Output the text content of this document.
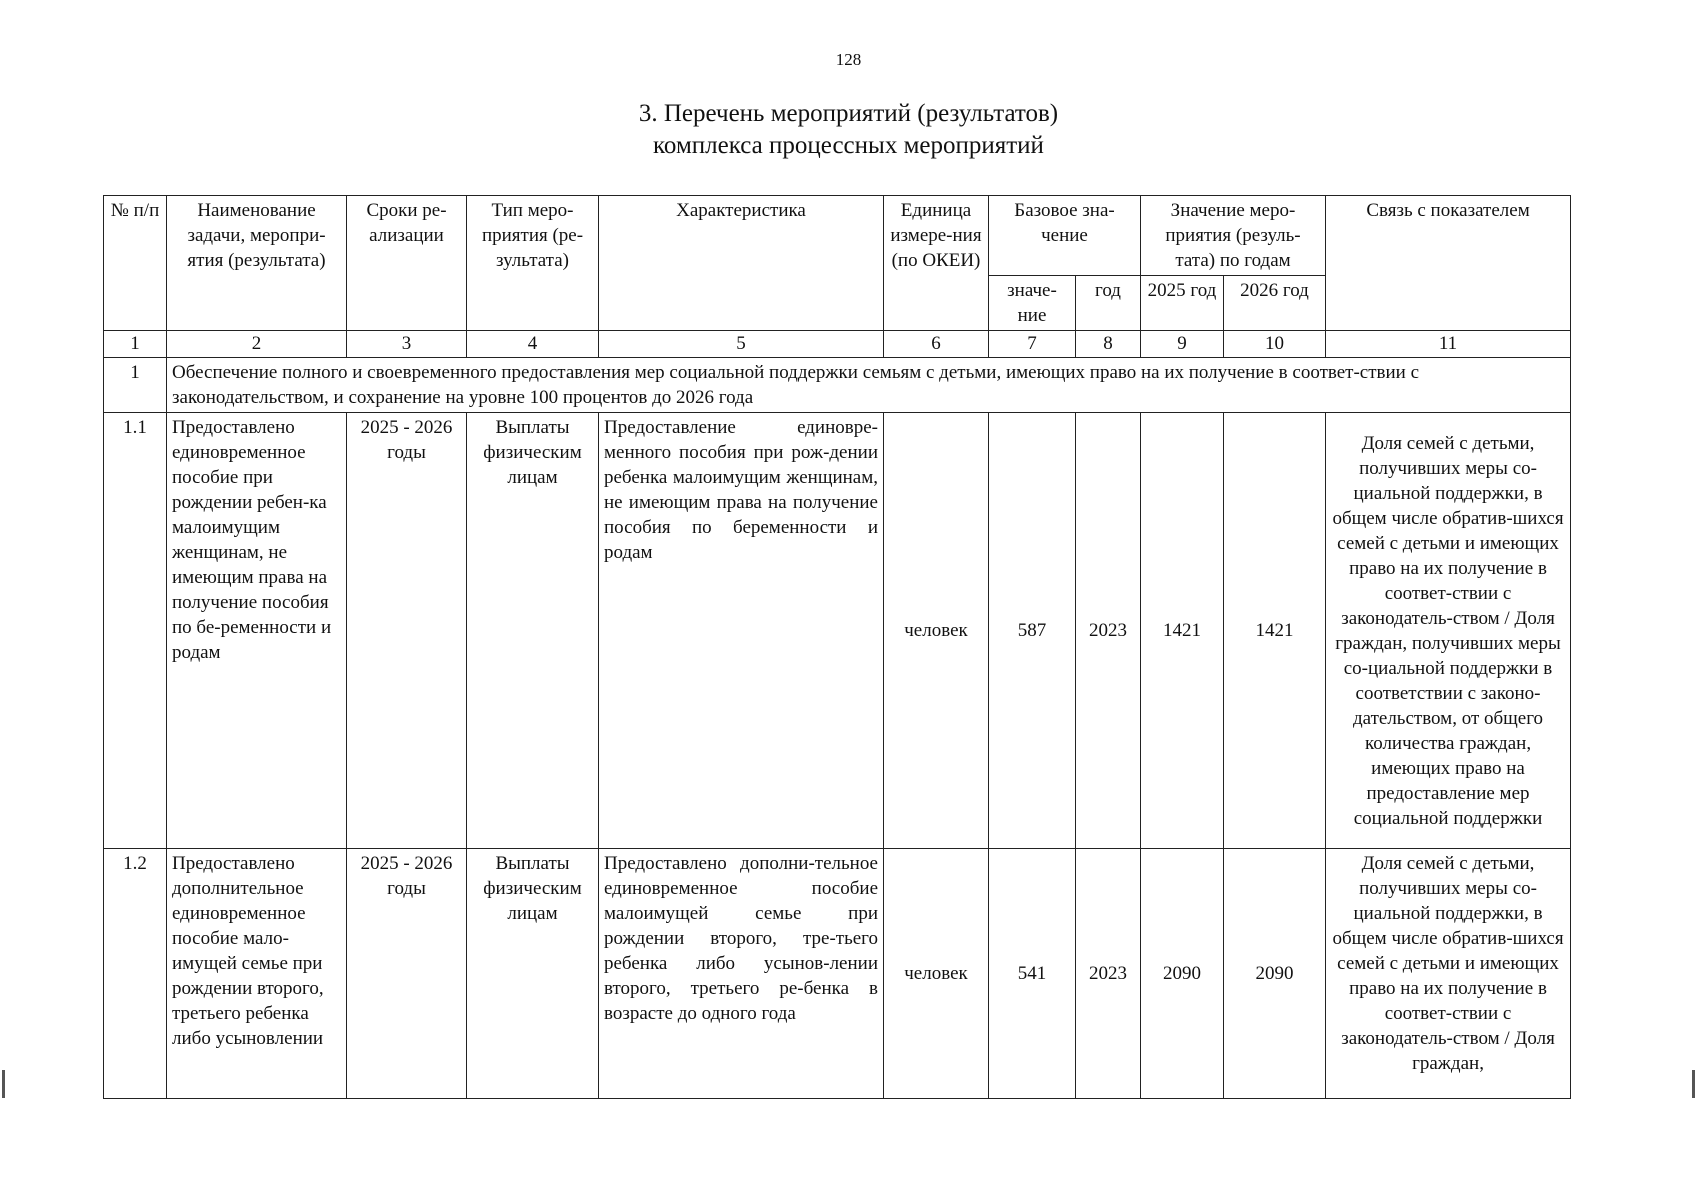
128
3. Перечень мероприятий (результатов)
комплекса процессных мероприятий
№ п/п	Наименование задачи, меропри-ятия (результата)	Сроки ре-ализации	Тип меро-приятия (ре-зультата)	Характеристика	Единица измере-ния (по ОКЕИ)	Базовое зна-чение		Значение меро-приятия (резуль-тата) по годам		Связь с показателем
						значе-ние	год	2025 год	2026 год	
1	2	3	4	5	6	7	8	9	10	11
1	Обеспечение полного и своевременного предоставления мер социальной поддержки семьям с детьми, имеющих право на их получение в соответ-ствии с законодательством, и сохранение на уровне 100 процентов до 2026 года									
1.1	Предоставлено единовременное пособие при рождении ребен-ка малоимущим женщинам, не имеющим права на получение пособия по бе-ременности и родам	2025 - 2026 годы	Выплаты физическим лицам	Предоставление единовре-менного пособия при рож-дении ребенка малоимущим женщинам, не имеющим права на получение пособия по беременности и родам	человек	587	2023	1421	1421	Доля семей с детьми, получивших меры со-циальной поддержки, в общем числе обратив-шихся семей с детьми и имеющих право на их получение в соответ-ствии с законодатель-ством / Доля граждан, получивших меры со-циальной поддержки в соответствии с законо-дательством, от общего количества граждан, имеющих право на предоставление мер социальной поддержки
1.2	Предоставлено дополнительное единовременное пособие мало-имущей семье при рождении второго, третьего ребенка либо усыновлении	2025 - 2026 годы	Выплаты физическим лицам	Предоставлено дополни-тельное единовременное пособие малоимущей семье при рождении второго, тре-тьего ребенка либо усынов-лении второго, третьего ре-бенка в возрасте до одного года	человек	541	2023	2090	2090	Доля семей с детьми, получивших меры со-циальной поддержки, в общем числе обратив-шихся семей с детьми и имеющих право на их получение в соответ-ствии с законодатель-ством / Доля граждан,
